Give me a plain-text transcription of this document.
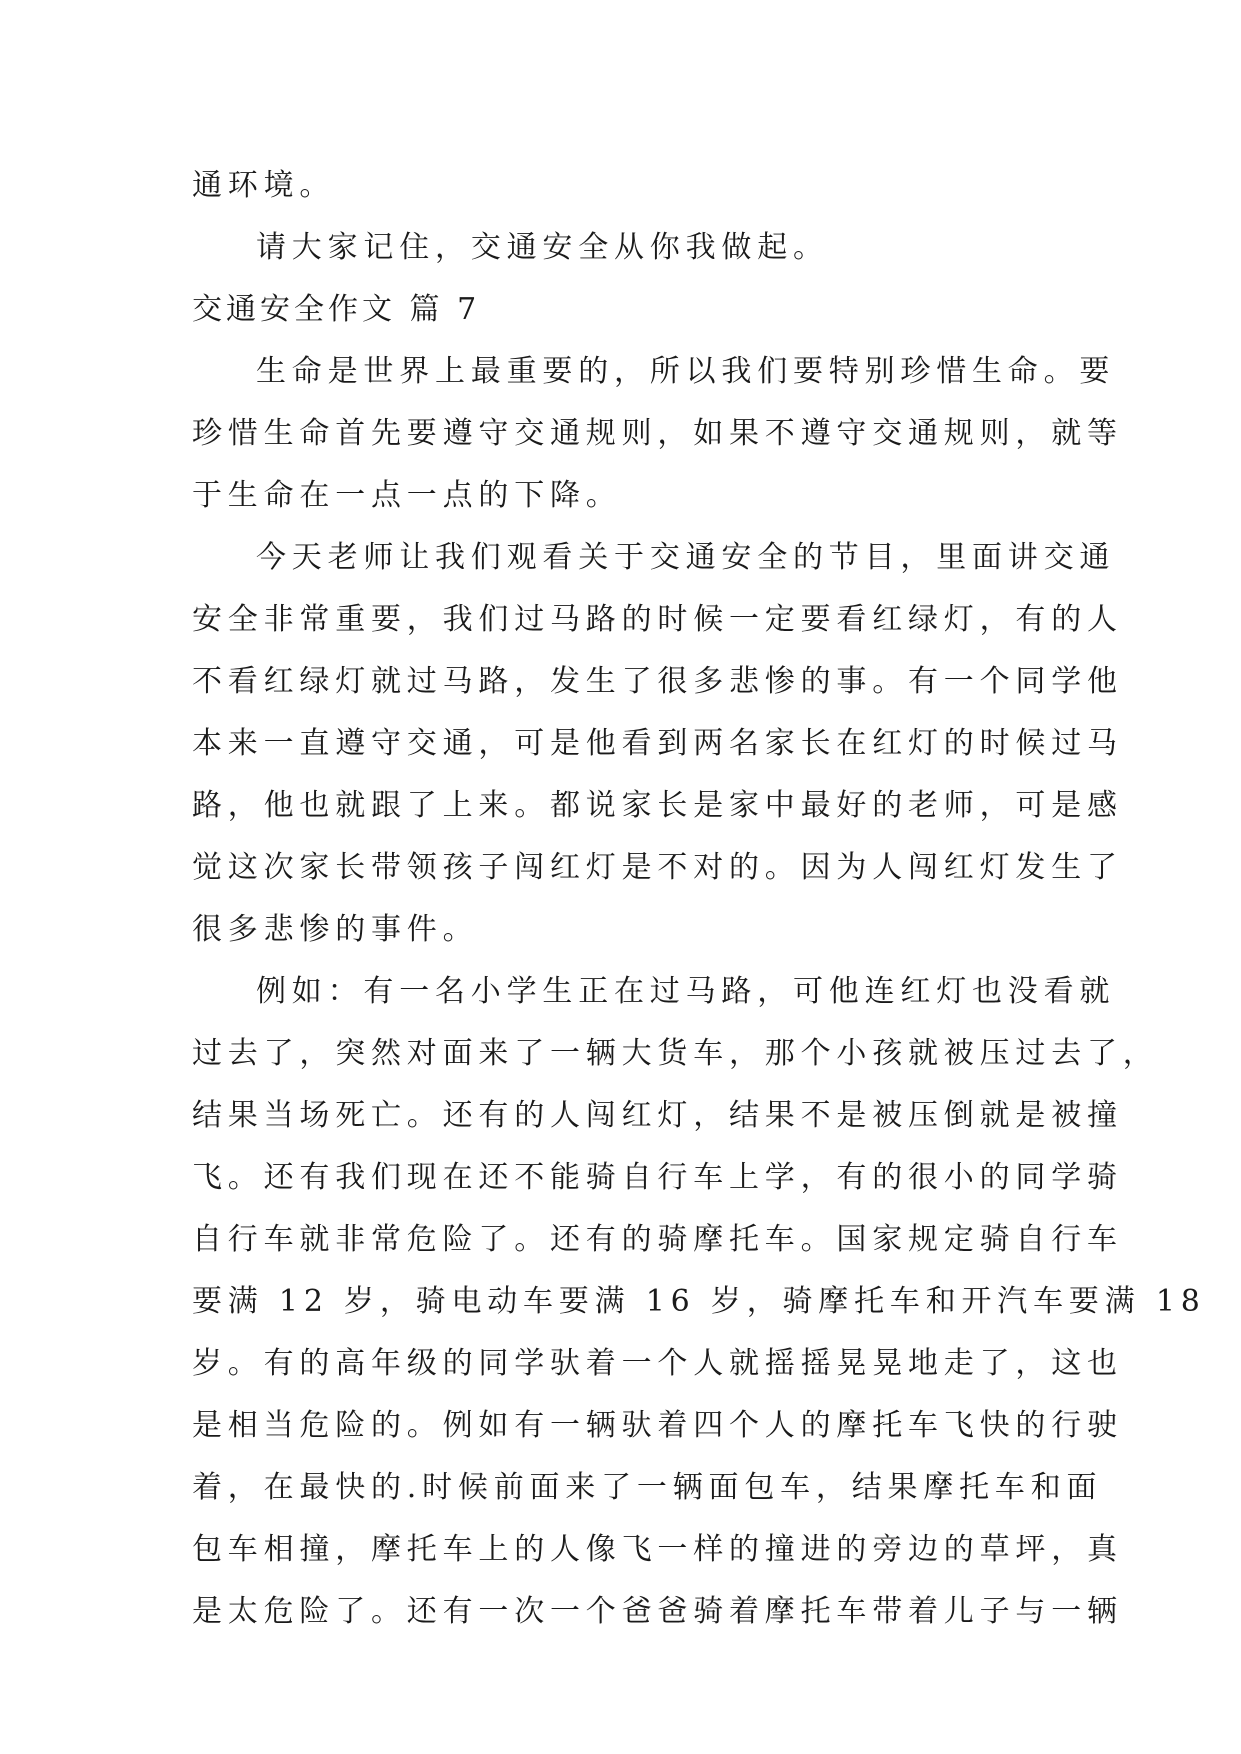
通环境。
请大家记住，交通安全从你我做起。
交通安全作文 篇 7
生命是世界上最重要的，所以我们要特别珍惜生命。要
珍惜生命首先要遵守交通规则，如果不遵守交通规则，就等
于生命在一点一点的下降。
今天老师让我们观看关于交通安全的节目，里面讲交通
安全非常重要，我们过马路的时候一定要看红绿灯，有的人
不看红绿灯就过马路，发生了很多悲惨的事。有一个同学他
本来一直遵守交通，可是他看到两名家长在红灯的时候过马
路，他也就跟了上来。都说家长是家中最好的老师，可是感
觉这次家长带领孩子闯红灯是不对的。因为人闯红灯发生了
很多悲惨的事件。
例如：有一名小学生正在过马路，可他连红灯也没看就
过去了，突然对面来了一辆大货车，那个小孩就被压过去了，
结果当场死亡。还有的人闯红灯，结果不是被压倒就是被撞
飞。还有我们现在还不能骑自行车上学，有的很小的同学骑
自行车就非常危险了。还有的骑摩托车。国家规定骑自行车
要满 12 岁，骑电动车要满 16 岁，骑摩托车和开汽车要满 18
岁。有的高年级的同学驮着一个人就摇摇晃晃地走了，这也
是相当危险的。例如有一辆驮着四个人的摩托车飞快的行驶
着，在最快的.时候前面来了一辆面包车，结果摩托车和面
包车相撞，摩托车上的人像飞一样的撞进的旁边的草坪，真
是太危险了。还有一次一个爸爸骑着摩托车带着儿子与一辆
